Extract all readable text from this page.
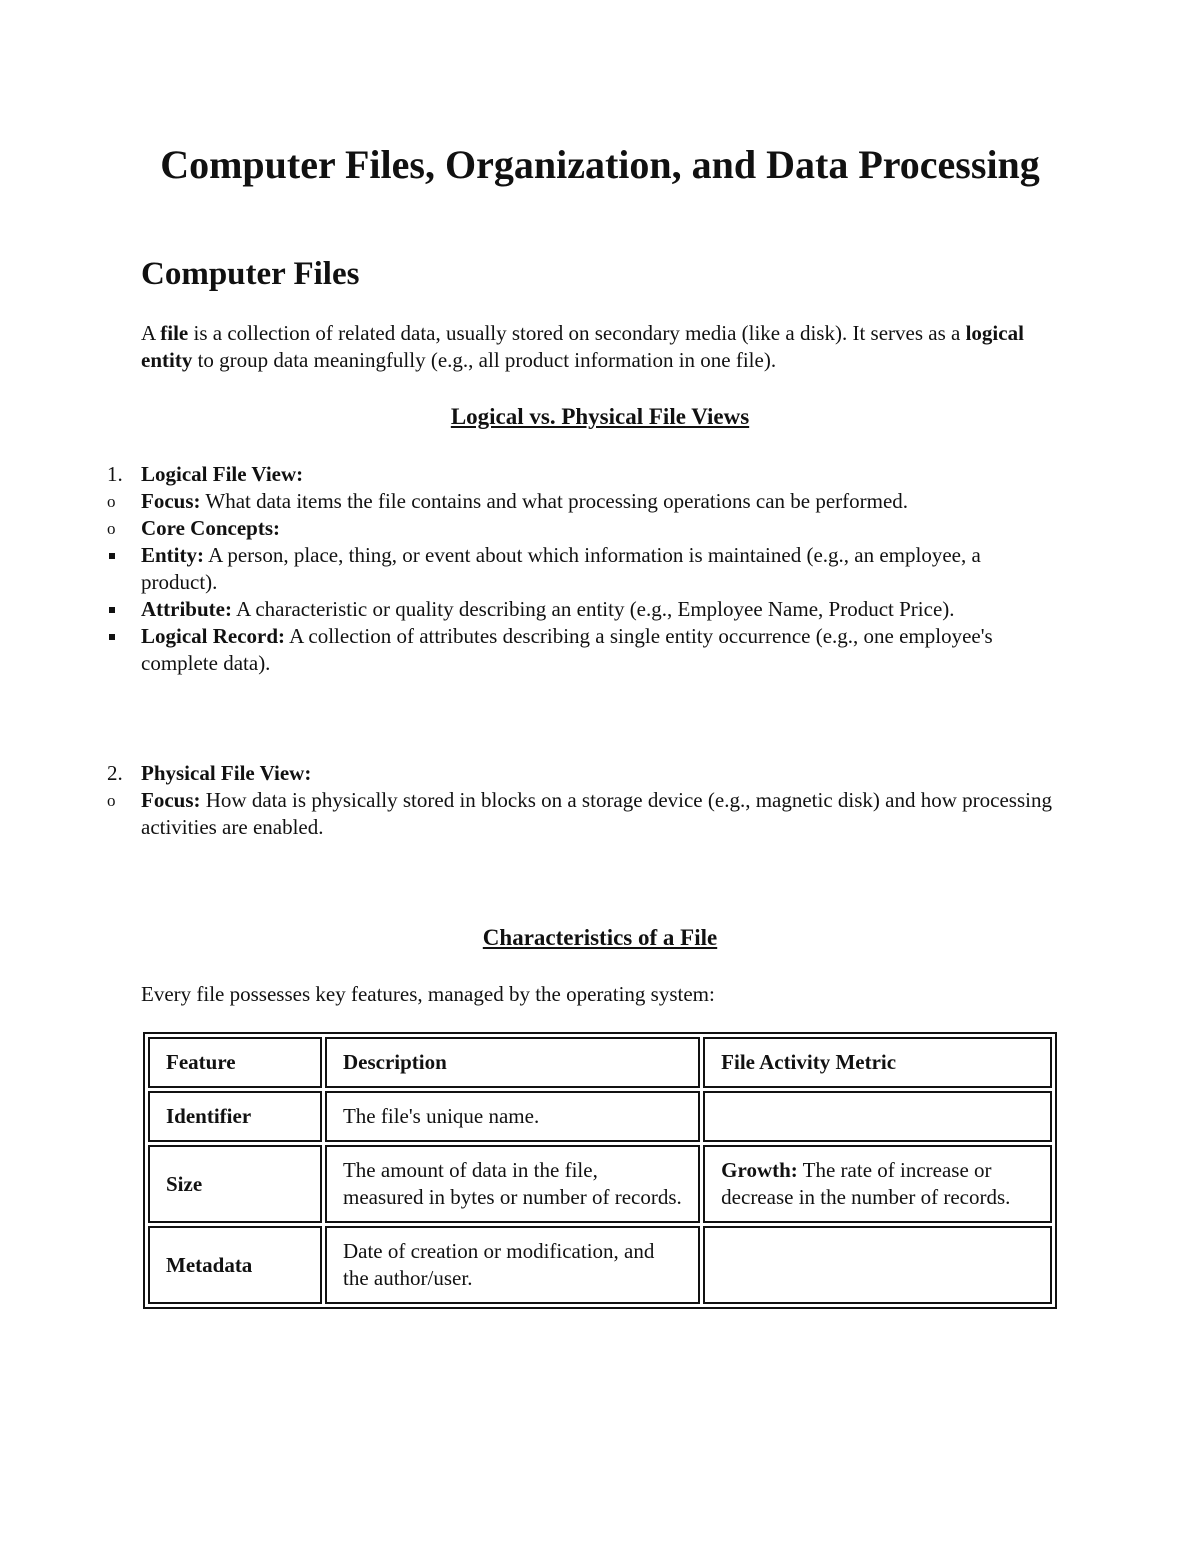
Computer Files, Organization, and Data Processing
Computer Files

A file is a collection of related data, usually stored on secondary media (like a disk). It serves as a logical entity to group data meaningfully (e.g., all product information in one file).

Logical vs. Physical File Views
1. Logical File View:
o	Focus: What data items the file contains and what processing operations can be performed.
o	Core Concepts:
Entity: A person, place, thing, or event about which information is maintained (e.g., an employee, a product).
Attribute: A characteristic or quality describing an entity (e.g., Employee Name, Product Price).
Logical Record: A collection of attributes describing a single entity occurrence (e.g., one employee's complete data).
2. Physical File View:
o	Focus: How data is physically stored in blocks on a storage device (e.g., magnetic disk) and how processing activities are enabled.
Characteristics of a File

Every file possesses key features, managed by the operating system:

Feature	Description	File Activity Metric
Identifier	The file's unique name.	
Size	The amount of data in the file, measured in bytes or number of records.	Growth: The rate of increase or decrease in the number of records.
Metadata	Date of creation or modification, and the author/user.	
